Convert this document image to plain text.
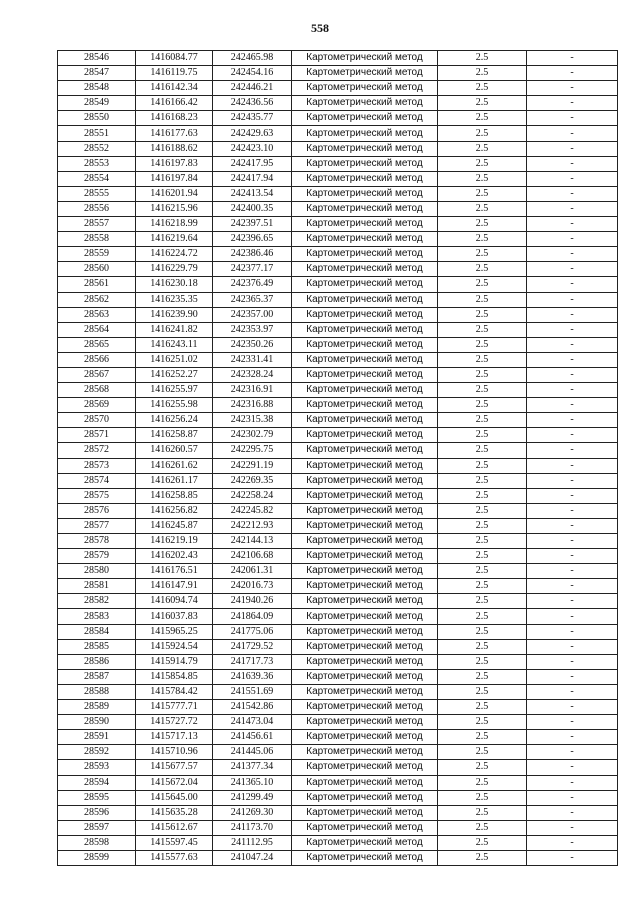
558
28546	1416084.77	242465.98	Картометрический метод	2.5	-
28547	1416119.75	242454.16	Картометрический метод	2.5	-
28548	1416142.34	242446.21	Картометрический метод	2.5	-
28549	1416166.42	242436.56	Картометрический метод	2.5	-
28550	1416168.23	242435.77	Картометрический метод	2.5	-
28551	1416177.63	242429.63	Картометрический метод	2.5	-
28552	1416188.62	242423.10	Картометрический метод	2.5	-
28553	1416197.83	242417.95	Картометрический метод	2.5	-
28554	1416197.84	242417.94	Картометрический метод	2.5	-
28555	1416201.94	242413.54	Картометрический метод	2.5	-
28556	1416215.96	242400.35	Картометрический метод	2.5	-
28557	1416218.99	242397.51	Картометрический метод	2.5	-
28558	1416219.64	242396.65	Картометрический метод	2.5	-
28559	1416224.72	242386.46	Картометрический метод	2.5	-
28560	1416229.79	242377.17	Картометрический метод	2.5	-
28561	1416230.18	242376.49	Картометрический метод	2.5	-
28562	1416235.35	242365.37	Картометрический метод	2.5	-
28563	1416239.90	242357.00	Картометрический метод	2.5	-
28564	1416241.82	242353.97	Картометрический метод	2.5	-
28565	1416243.11	242350.26	Картометрический метод	2.5	-
28566	1416251.02	242331.41	Картометрический метод	2.5	-
28567	1416252.27	242328.24	Картометрический метод	2.5	-
28568	1416255.97	242316.91	Картометрический метод	2.5	-
28569	1416255.98	242316.88	Картометрический метод	2.5	-
28570	1416256.24	242315.38	Картометрический метод	2.5	-
28571	1416258.87	242302.79	Картометрический метод	2.5	-
28572	1416260.57	242295.75	Картометрический метод	2.5	-
28573	1416261.62	242291.19	Картометрический метод	2.5	-
28574	1416261.17	242269.35	Картометрический метод	2.5	-
28575	1416258.85	242258.24	Картометрический метод	2.5	-
28576	1416256.82	242245.82	Картометрический метод	2.5	-
28577	1416245.87	242212.93	Картометрический метод	2.5	-
28578	1416219.19	242144.13	Картометрический метод	2.5	-
28579	1416202.43	242106.68	Картометрический метод	2.5	-
28580	1416176.51	242061.31	Картометрический метод	2.5	-
28581	1416147.91	242016.73	Картометрический метод	2.5	-
28582	1416094.74	241940.26	Картометрический метод	2.5	-
28583	1416037.83	241864.09	Картометрический метод	2.5	-
28584	1415965.25	241775.06	Картометрический метод	2.5	-
28585	1415924.54	241729.52	Картометрический метод	2.5	-
28586	1415914.79	241717.73	Картометрический метод	2.5	-
28587	1415854.85	241639.36	Картометрический метод	2.5	-
28588	1415784.42	241551.69	Картометрический метод	2.5	-
28589	1415777.71	241542.86	Картометрический метод	2.5	-
28590	1415727.72	241473.04	Картометрический метод	2.5	-
28591	1415717.13	241456.61	Картометрический метод	2.5	-
28592	1415710.96	241445.06	Картометрический метод	2.5	-
28593	1415677.57	241377.34	Картометрический метод	2.5	-
28594	1415672.04	241365.10	Картометрический метод	2.5	-
28595	1415645.00	241299.49	Картометрический метод	2.5	-
28596	1415635.28	241269.30	Картометрический метод	2.5	-
28597	1415612.67	241173.70	Картометрический метод	2.5	-
28598	1415597.45	241112.95	Картометрический метод	2.5	-
28599	1415577.63	241047.24	Картометрический метод	2.5	-
